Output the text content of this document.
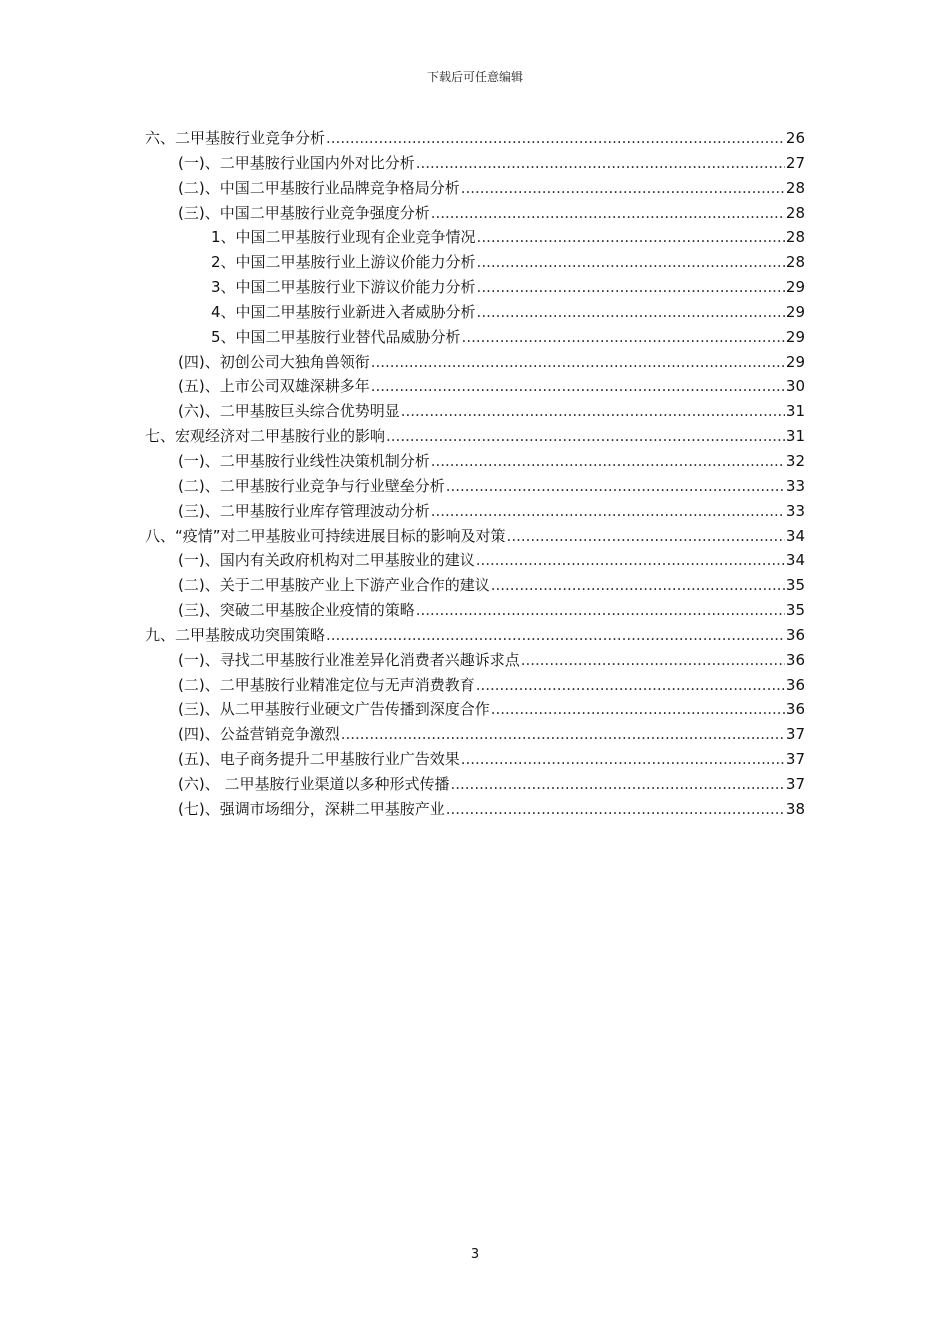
下载后可任意编辑
六、二甲基胺行业竞争分析 .....	26
(一)、二甲基胺行业国内外对比分析 .....	27
(二)、中国二甲基胺行业品牌竞争格局分析 .....	28
(三)、中国二甲基胺行业竞争强度分析 .....	28
1、中国二甲基胺行业现有企业竞争情况 .....	28
2、中国二甲基胺行业上游议价能力分析 .....	28
3、中国二甲基胺行业下游议价能力分析 .....	29
4、中国二甲基胺行业新进入者威胁分析 .....	29
5、中国二甲基胺行业替代品威胁分析 .....	29
(四)、初创公司大独角兽领衔 .....	29
(五)、上市公司双雄深耕多年 .....	30
(六)、二甲基胺巨头综合优势明显 .....	31
七、宏观经济对二甲基胺行业的影响 .....	31
(一)、二甲基胺行业线性决策机制分析 .....	32
(二)、二甲基胺行业竞争与行业壁垒分析 .....	33
(三)、二甲基胺行业库存管理波动分析 .....	33
八、“疫情”对二甲基胺业可持续进展目标的影响及对策 .....	34
(一)、国内有关政府机构对二甲基胺业的建议 .....	34
(二)、关于二甲基胺产业上下游产业合作的建议 .....	35
(三)、突破二甲基胺企业疫情的策略 .....	35
九、二甲基胺成功突围策略 .....	36
(一)、寻找二甲基胺行业准差异化消费者兴趣诉求点 .....	36
(二)、二甲基胺行业精准定位与无声消费教育 .....	36
(三)、从二甲基胺行业硬文广告传播到深度合作 .....	36
(四)、公益营销竞争激烈 .....	37
(五)、电子商务提升二甲基胺行业广告效果 .....	37
(六)、 二甲基胺行业渠道以多种形式传播 .....	37
(七)、强调市场细分，深耕二甲基胺产业 .....	38
3
